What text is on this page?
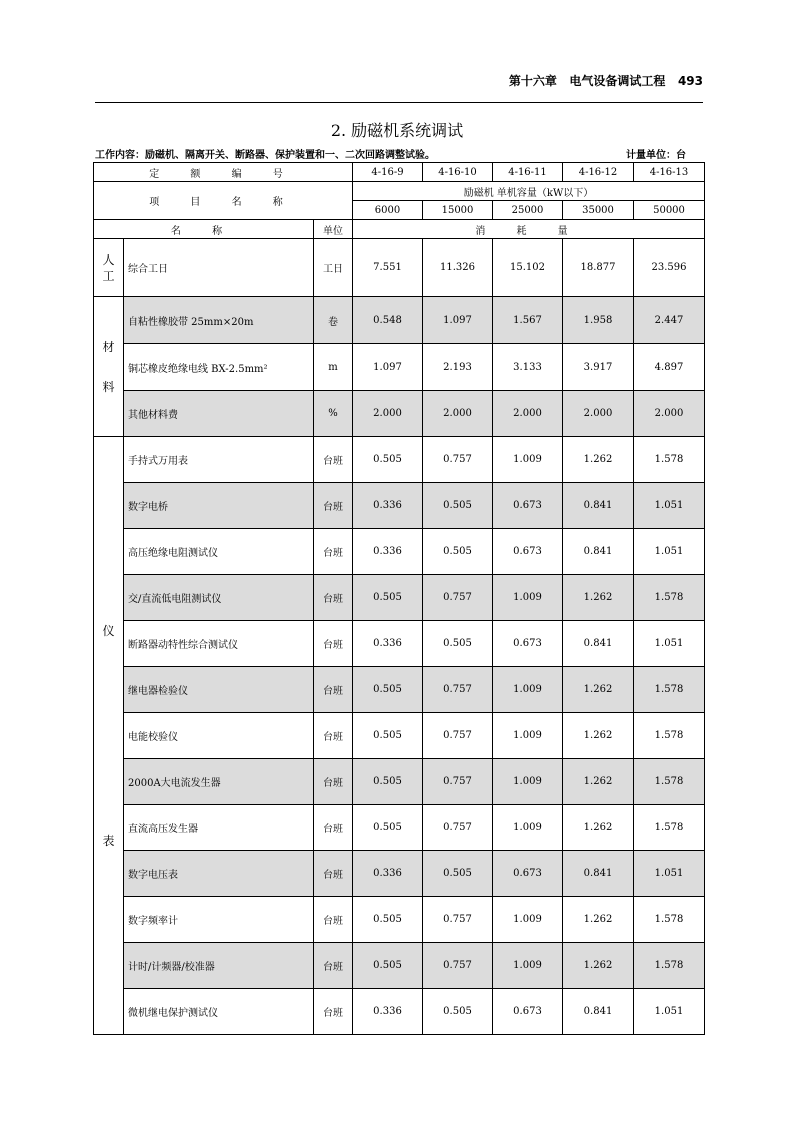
第十六章 电气设备调试工程 493
2. 励磁机系统调试
工作内容：励磁机、隔离开关、断路器、保护装置和一、二次回路调整试验。	计量单位：台
定 额 编 号			4-16-9	4-16-10	4-16-11	4-16-12	4-16-13
项 目 名 称			励磁机 单机容量（kW以下）				
			6000	15000	25000	35000	50000
名 称		单位	消 耗 量				
人
工	综合工日	工日	7.551	11.326	15.102	18.877	23.596
材
料	自粘性橡胶带 25mm×20m	卷	0.548	1.097	1.567	1.958	2.447
	铜芯橡皮绝缘电线 BX-2.5mm²	m	1.097	2.193	3.133	3.917	4.897
	其他材料费	%	2.000	2.000	2.000	2.000	2.000
仪
表	手持式万用表	台班	0.505	0.757	1.009	1.262	1.578
	数字电桥	台班	0.336	0.505	0.673	0.841	1.051
	高压绝缘电阻测试仪	台班	0.336	0.505	0.673	0.841	1.051
	交/直流低电阻测试仪	台班	0.505	0.757	1.009	1.262	1.578
	断路器动特性综合测试仪	台班	0.336	0.505	0.673	0.841	1.051
	继电器检验仪	台班	0.505	0.757	1.009	1.262	1.578
	电能校验仪	台班	0.505	0.757	1.009	1.262	1.578
	2000A大电流发生器	台班	0.505	0.757	1.009	1.262	1.578
	直流高压发生器	台班	0.505	0.757	1.009	1.262	1.578
	数字电压表	台班	0.336	0.505	0.673	0.841	1.051
	数字频率计	台班	0.505	0.757	1.009	1.262	1.578
	计时/计频器/校准器	台班	0.505	0.757	1.009	1.262	1.578
	微机继电保护测试仪	台班	0.336	0.505	0.673	0.841	1.051
